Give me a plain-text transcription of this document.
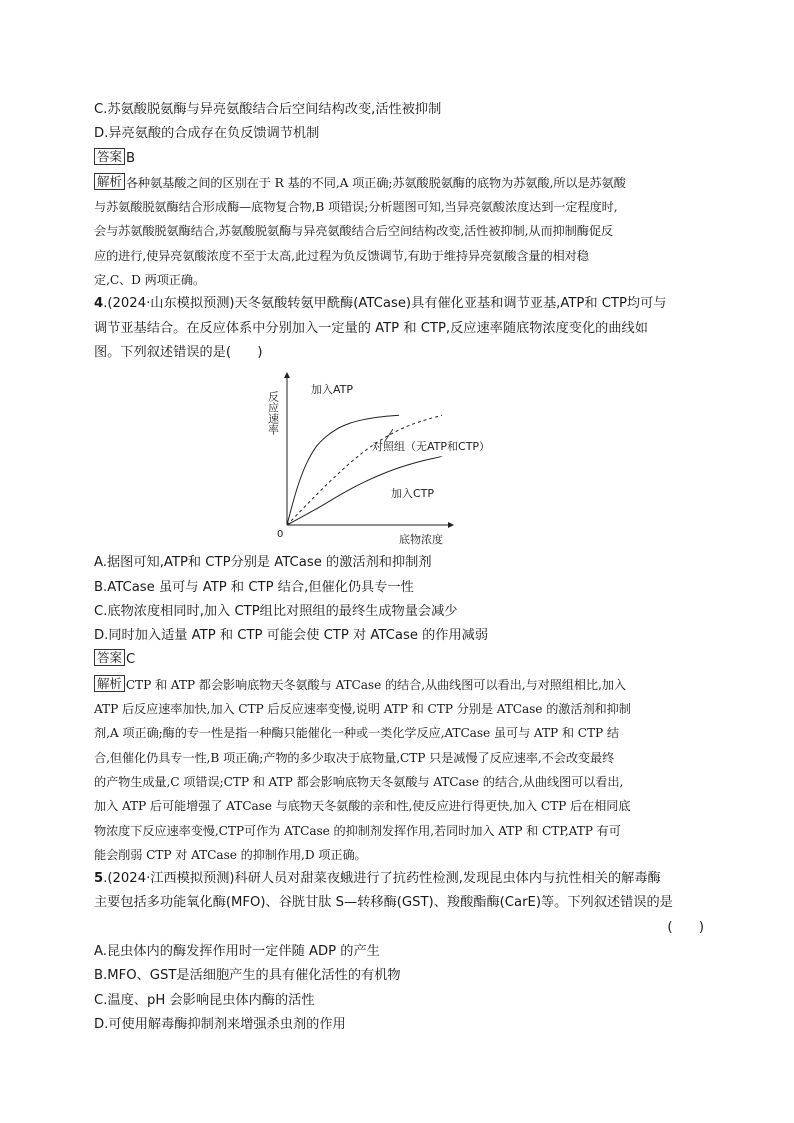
C.苏氨酸脱氨酶与异亮氨酸结合后空间结构改变,活性被抑制
D.异亮氨酸的合成存在负反馈调节机制
答案 B
解析 各种氨基酸之间的区别在于 R 基的不同,A 项正确;苏氨酸脱氨酶的底物为苏氨酸,所以是苏氨酸
与苏氨酸脱氨酶结合形成酶—底物复合物,B 项错误;分析题图可知,当异亮氨酸浓度达到一定程度时,
会与苏氨酸脱氨酶结合,苏氨酸脱氨酶与异亮氨酸结合后空间结构改变,活性被抑制,从而抑制酶促反
应的进行,使异亮氨酸浓度不至于太高,此过程为负反馈调节,有助于维持异亮氨酸含量的相对稳
定,C、D 两项正确。
4.(2024·山东模拟预测)天冬氨酸转氨甲酰酶(ATCase)具有催化亚基和调节亚基,ATP和 CTP均可与
调节亚基结合。在反应体系中分别加入一定量的 ATP 和 CTP,反应速率随底物浓度变化的曲线如
图。下列叙述错误的是(　　)
反应速率
底物浓度
0
加入ATP
对照组（无ATP和CTP）
加入CTP
A.据图可知,ATP和 CTP分别是 ATCase 的激活剂和抑制剂
B.ATCase 虽可与 ATP 和 CTP 结合,但催化仍具专一性
C.底物浓度相同时,加入 CTP组比对照组的最终生成物量会减少
D.同时加入适量 ATP 和 CTP 可能会使 CTP 对 ATCase 的作用减弱
答案 C
解析 CTP 和 ATP 都会影响底物天冬氨酸与 ATCase 的结合,从曲线图可以看出,与对照组相比,加入
ATP 后反应速率加快,加入 CTP 后反应速率变慢,说明 ATP 和 CTP 分别是 ATCase 的激活剂和抑制
剂,A 项正确;酶的专一性是指一种酶只能催化一种或一类化学反应,ATCase 虽可与 ATP 和 CTP 结
合,但催化仍具专一性,B 项正确;产物的多少取决于底物量,CTP 只是减慢了反应速率,不会改变最终
的产物生成量,C 项错误;CTP 和 ATP 都会影响底物天冬氨酸与 ATCase 的结合,从曲线图可以看出,
加入 ATP 后可能增强了 ATCase 与底物天冬氨酸的亲和性,使反应进行得更快,加入 CTP 后在相同底
物浓度下反应速率变慢,CTP可作为 ATCase 的抑制剂发挥作用,若同时加入 ATP 和 CTP,ATP 有可
能会削弱 CTP 对 ATCase 的抑制作用,D 项正确。
5.(2024·江西模拟预测)科研人员对甜菜夜蛾进行了抗药性检测,发现昆虫体内与抗性相关的解毒酶
主要包括多功能氧化酶(MFO)、谷胱甘肽 S—转移酶(GST)、羧酸酯酶(CarE)等。下列叙述错误的是
(　　)
A.昆虫体内的酶发挥作用时一定伴随 ADP 的产生
B.MFO、GST是活细胞产生的具有催化活性的有机物
C.温度、pH 会影响昆虫体内酶的活性
D.可使用解毒酶抑制剂来增强杀虫剂的作用
